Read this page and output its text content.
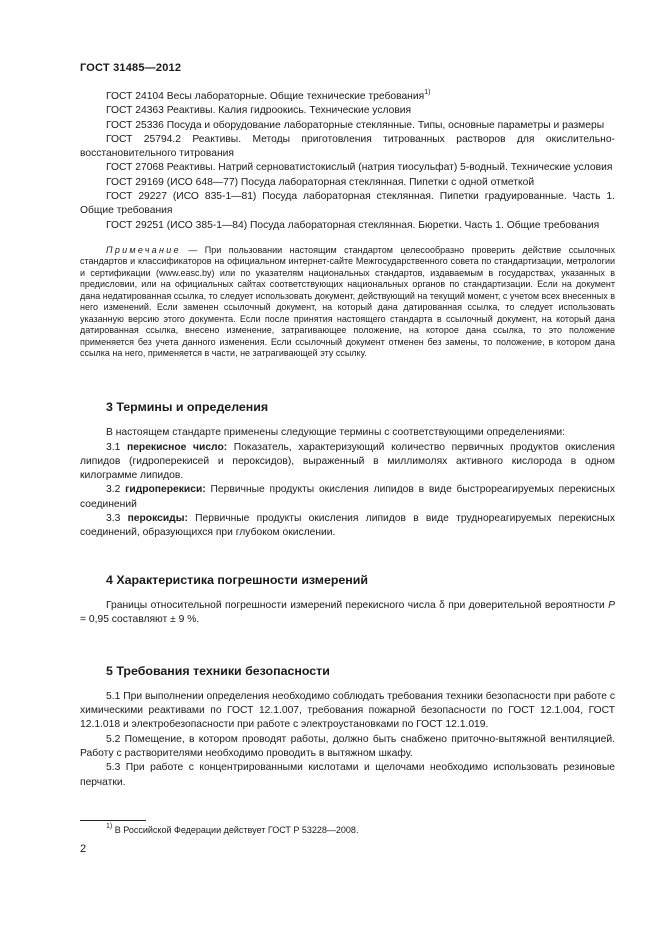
ГОСТ 31485—2012

ГОСТ 24104 Весы лабораторные. Общие технические требования$^{1)}$

ГОСТ 24363 Реактивы. Калия гидроокись. Технические условия

ГОСТ 25336 Посуда и оборудование лабораторные стеклянные. Типы, основные параметры и размеры

ГОСТ 25794.2 Реактивы. Методы приготовления титрованных растворов для окислительно-восстановительного титрования

ГОСТ 27068 Реактивы. Натрий серноватистокислый (натрия тиосульфат) 5-водный. Технические условия

ГОСТ 29169 (ИСО 648—77) Посуда лабораторная стеклянная. Пипетки с одной отметкой

ГОСТ 29227 (ИСО 835-1—81) Посуда лабораторная стеклянная. Пипетки градуированные. Часть 1. Общие требования

ГОСТ 29251 (ИСО 385-1—84) Посуда лабораторная стеклянная. Бюретки. Часть 1. Общие требования

Примечание — При пользовании настоящим стандартом целесообразно проверить действие ссылочных стандартов и классификаторов на официальном интернет-сайте Межгосударственного совета по стандартизации, метрологии и сертификации (www.easc.by) или по указателям национальных стандартов, издаваемым в государствах, указанных в предисловии, или на официальных сайтах соответствующих национальных органов по стандартизации. Если на документ дана недатированная ссылка, то следует использовать документ, действующий на текущий момент, с учетом всех внесенных в него изменений. Если заменен ссылочный документ, на который дана датированная ссылка, то следует использовать указанную версию этого документа. Если после принятия настоящего стандарта в ссылочный документ, на который дана датированная ссылка, внесено изменение, затрагивающее положение, на которое дана ссылка, то это положение применяется без учета данного изменения. Если ссылочный документ отменен без замены, то положение, в котором дана ссылка на него, применяется в части, не затрагивающей эту ссылку.

3 Термины и определения

В настоящем стандарте применены следующие термины с соответствующими определениями:

3.1 перекисное число: Показатель, характеризующий количество первичных продуктов окисления липидов (гидроперекисей и пероксидов), выраженный в миллимолях активного кислорода в одном килограмме липидов.

3.2 гидроперекиси: Первичные продукты окисления липидов в виде быстрореагируемых перекисных соединений

3.3 пероксиды: Первичные продукты окисления липидов в виде труднореагируемых перекисных соединений, образующихся при глубоком окислении.

4 Характеристика погрешности измерений

Границы относительной погрешности измерений перекисного числа δ при доверительной вероятности P = 0,95 составляют ± 9 %.

5 Требования техники безопасности

5.1 При выполнении определения необходимо соблюдать требования техники безопасности при работе с химическими реактивами по ГОСТ 12.1.007, требования пожарной безопасности по ГОСТ 12.1.004, ГОСТ 12.1.018 и электробезопасности при работе с электроустановками по ГОСТ 12.1.019.

5.2 Помещение, в котором проводят работы, должно быть снабжено приточно-вытяжной вентиляцией. Работу с растворителями необходимо проводить в вытяжном шкафу.

5.3 При работе с концентрированными кислотами и щелочами необходимо использовать резиновые перчатки.

$^{1)}$ В Российской Федерации действует ГОСТ Р 53228—2008.
2
